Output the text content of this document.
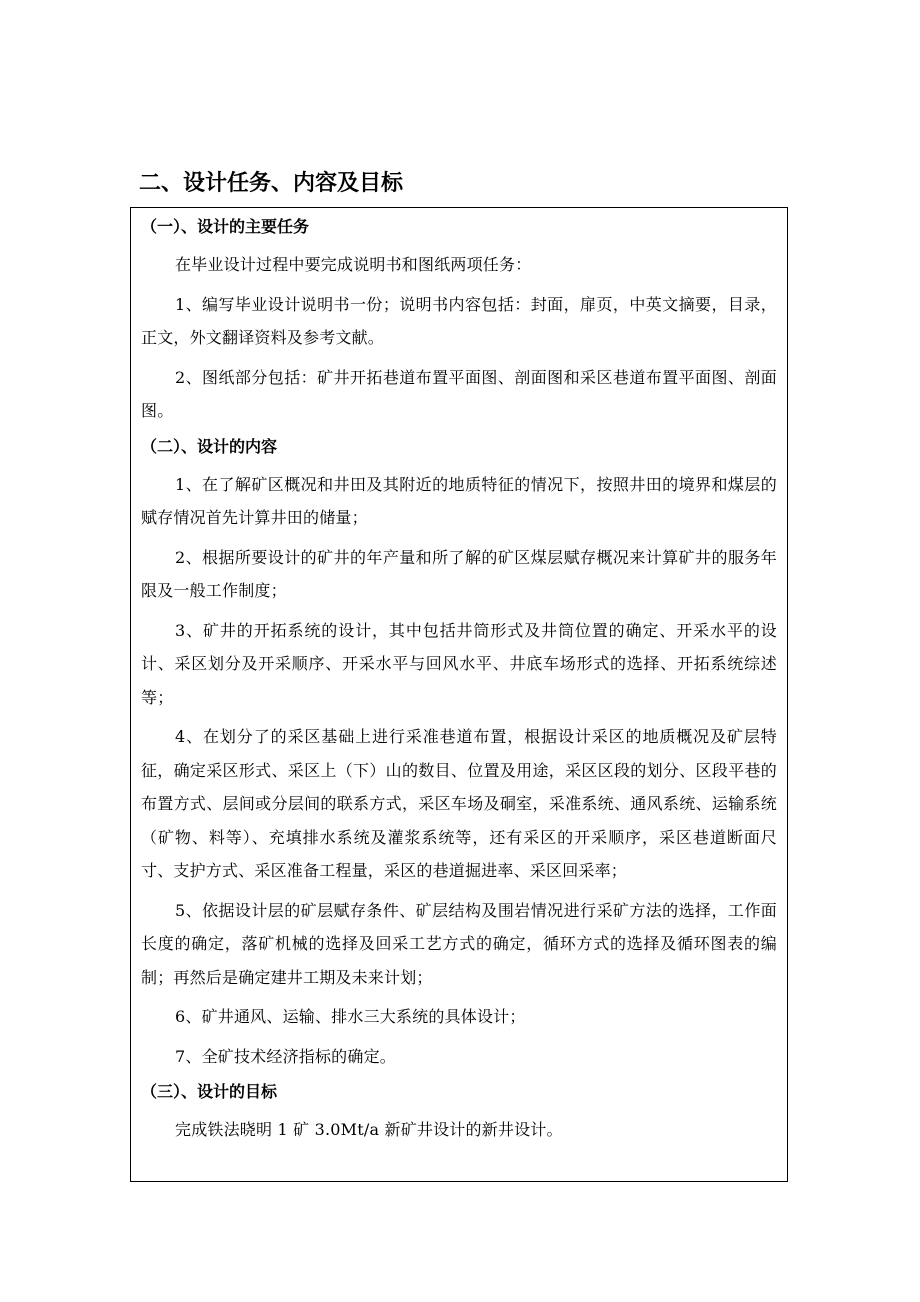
二、设计任务、内容及目标
（一）、设计的主要任务

在毕业设计过程中要完成说明书和图纸两项任务：

1、编写毕业设计说明书一份；说明书内容包括：封面，扉页，中英文摘要，目录，正文，外文翻译资料及参考文献。

2、图纸部分包括：矿井开拓巷道布置平面图、剖面图和采区巷道布置平面图、剖面图。

（二）、设计的内容

1、在了解矿区概况和井田及其附近的地质特征的情况下，按照井田的境界和煤层的赋存情况首先计算井田的储量；

2、根据所要设计的矿井的年产量和所了解的矿区煤层赋存概况来计算矿井的服务年限及一般工作制度；

3、矿井的开拓系统的设计，其中包括井筒形式及井筒位置的确定、开采水平的设计、采区划分及开采顺序、开采水平与回风水平、井底车场形式的选择、开拓系统综述等；

4、在划分了的采区基础上进行采准巷道布置，根据设计采区的地质概况及矿层特征，确定采区形式、采区上（下）山的数目、位置及用途，采区区段的划分、区段平巷的布置方式、层间或分层间的联系方式，采区车场及硐室，采准系统、通风系统、运输系统（矿物、料等）、充填排水系统及灌浆系统等，还有采区的开采顺序，采区巷道断面尺寸、支护方式、采区准备工程量，采区的巷道掘进率、采区回采率；

5、依据设计层的矿层赋存条件、矿层结构及围岩情况进行采矿方法的选择，工作面长度的确定，落矿机械的选择及回采工艺方式的确定，循环方式的选择及循环图表的编制；再然后是确定建井工期及未来计划；

6、矿井通风、运输、排水三大系统的具体设计；

7、全矿技术经济指标的确定。

（三）、设计的目标

完成铁法晓明 1 矿 3.0Mt/a 新矿井设计的新井设计。
